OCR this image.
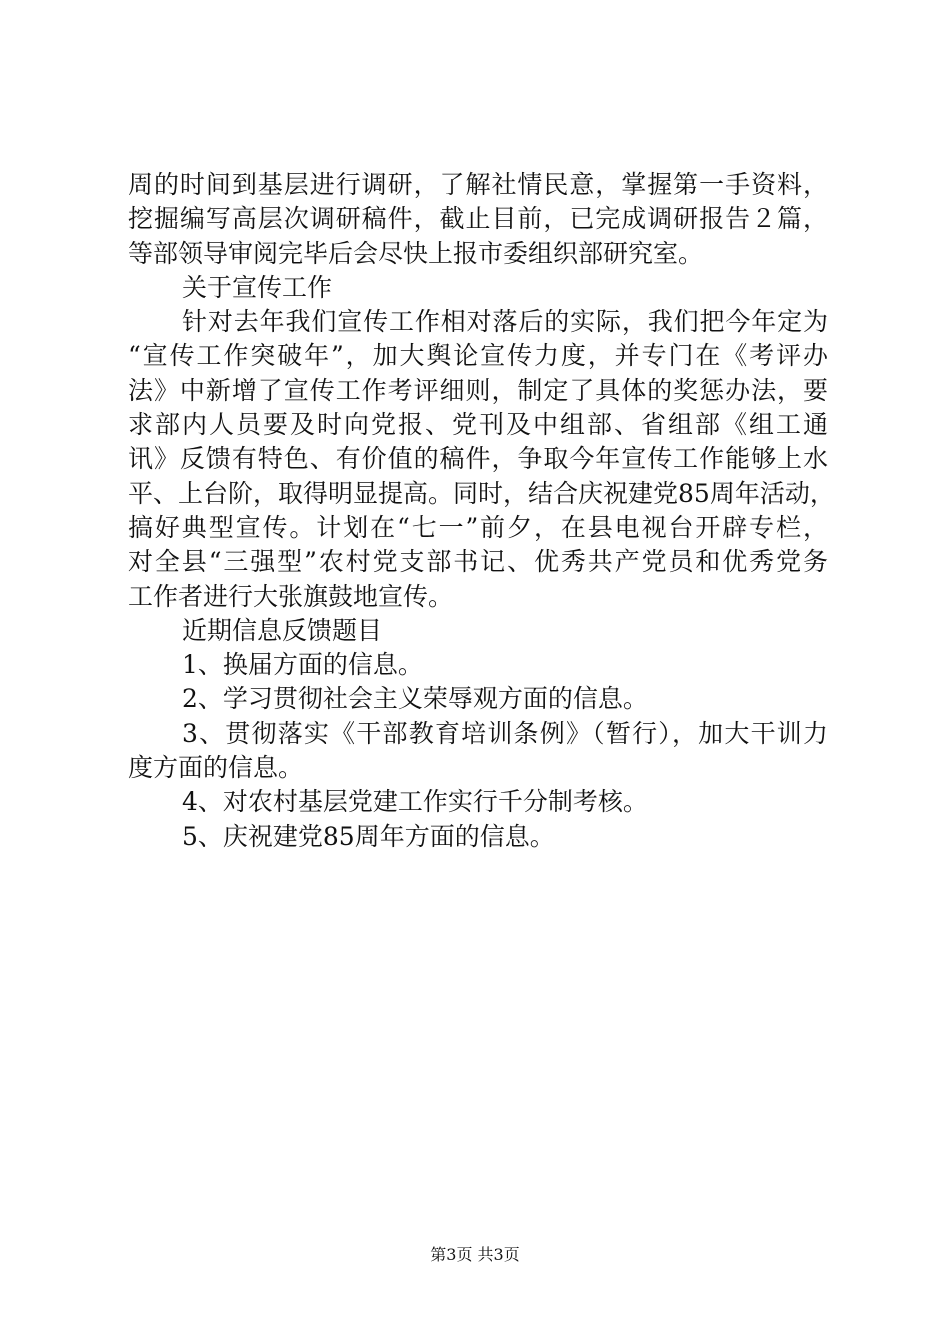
周的时间到基层进行调研，了解社情民意，掌握第一手资料，
挖掘编写高层次调研稿件，截止目前，已完成调研报告２篇，
等部领导审阅完毕后会尽快上报市委组织部研究室。
关于宣传工作
针对去年我们宣传工作相对落后的实际，我们把今年定为
“宣传工作突破年”，加大舆论宣传力度，并专门在《考评办
法》中新增了宣传工作考评细则，制定了具体的奖惩办法，要
求部内人员要及时向党报、党刊及中组部、省组部《组工通
讯》反馈有特色、有价值的稿件，争取今年宣传工作能够上水
平、上台阶，取得明显提高。同时，结合庆祝建党85周年活动，
搞好典型宣传。计划在“七一”前夕，在县电视台开辟专栏，
对全县“三强型”农村党支部书记、优秀共产党员和优秀党务
工作者进行大张旗鼓地宣传。
近期信息反馈题目
1、换届方面的信息。
2、学习贯彻社会主义荣辱观方面的信息。
3、贯彻落实《干部教育培训条例》（暂行），加大干训力
度方面的信息。
4、对农村基层党建工作实行千分制考核。
5、庆祝建党85周年方面的信息。
第3页 共3页
